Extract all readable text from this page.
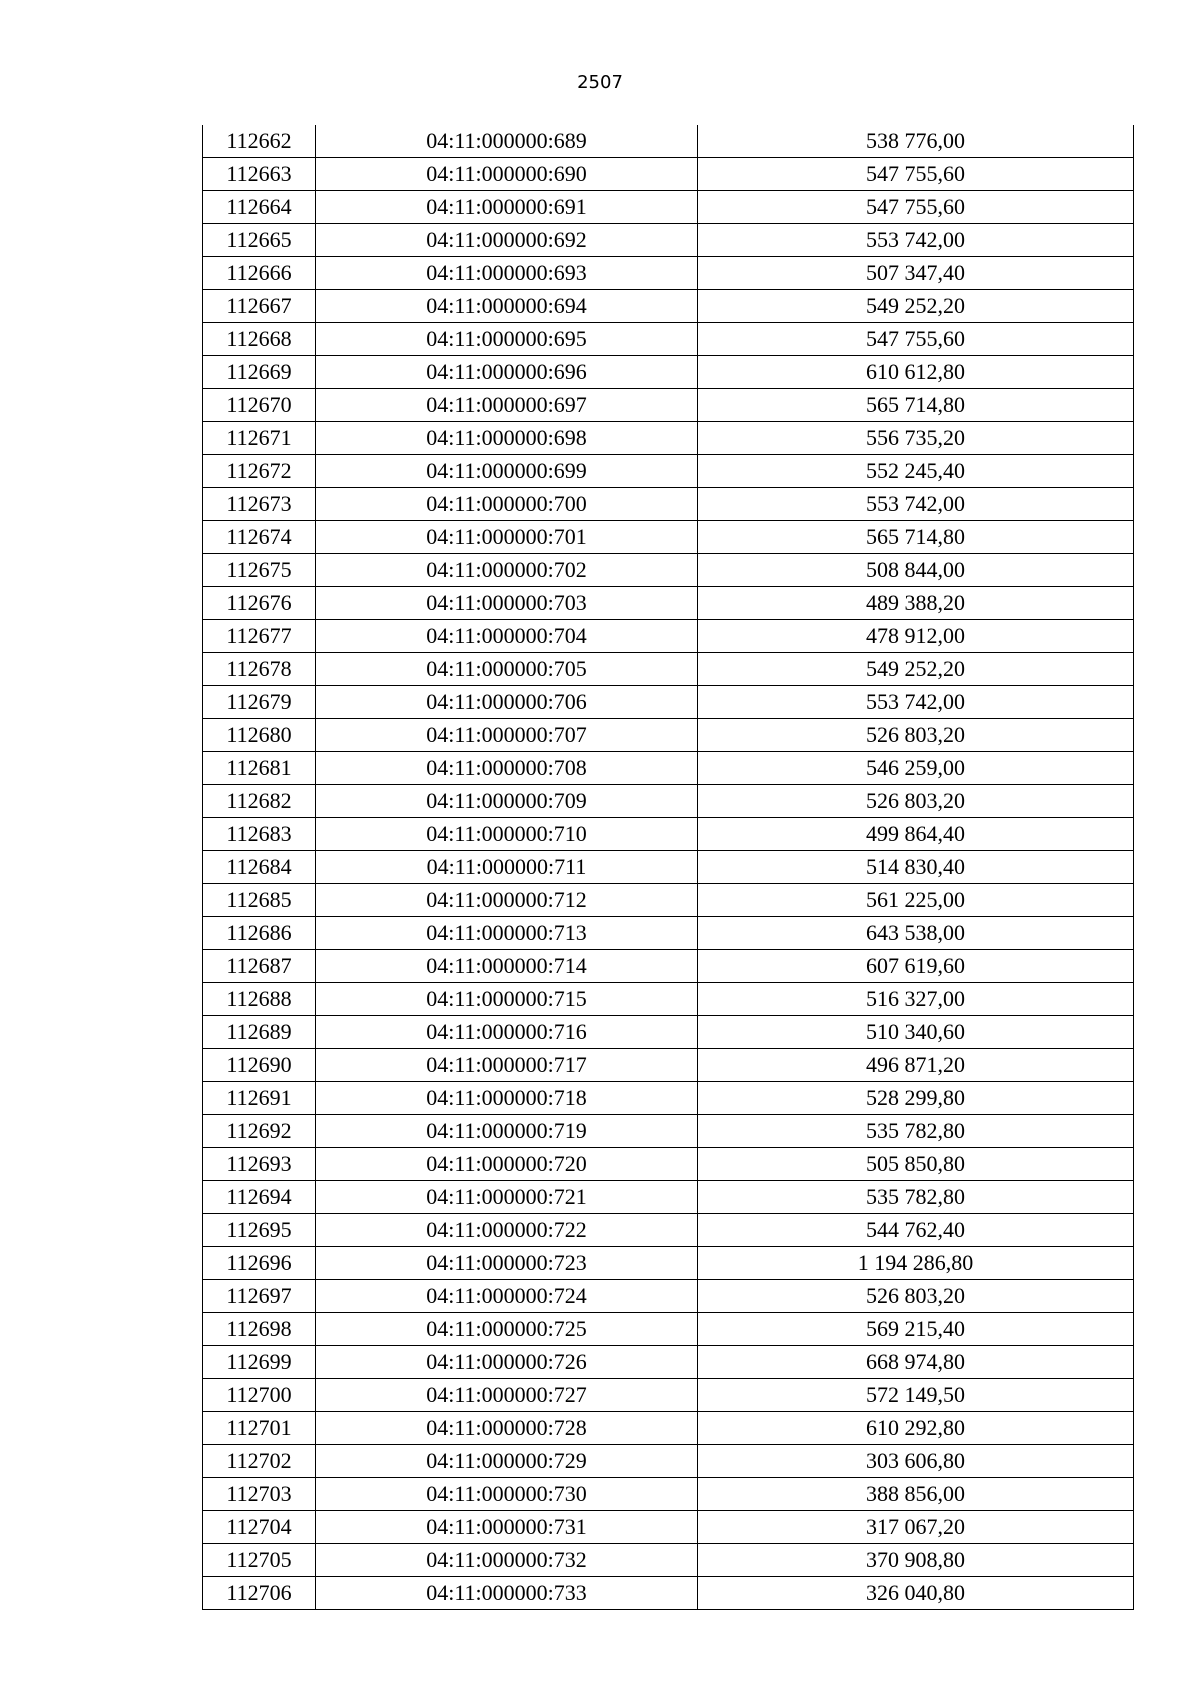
2507
112662	04:11:000000:689	538 776,00
112663	04:11:000000:690	547 755,60
112664	04:11:000000:691	547 755,60
112665	04:11:000000:692	553 742,00
112666	04:11:000000:693	507 347,40
112667	04:11:000000:694	549 252,20
112668	04:11:000000:695	547 755,60
112669	04:11:000000:696	610 612,80
112670	04:11:000000:697	565 714,80
112671	04:11:000000:698	556 735,20
112672	04:11:000000:699	552 245,40
112673	04:11:000000:700	553 742,00
112674	04:11:000000:701	565 714,80
112675	04:11:000000:702	508 844,00
112676	04:11:000000:703	489 388,20
112677	04:11:000000:704	478 912,00
112678	04:11:000000:705	549 252,20
112679	04:11:000000:706	553 742,00
112680	04:11:000000:707	526 803,20
112681	04:11:000000:708	546 259,00
112682	04:11:000000:709	526 803,20
112683	04:11:000000:710	499 864,40
112684	04:11:000000:711	514 830,40
112685	04:11:000000:712	561 225,00
112686	04:11:000000:713	643 538,00
112687	04:11:000000:714	607 619,60
112688	04:11:000000:715	516 327,00
112689	04:11:000000:716	510 340,60
112690	04:11:000000:717	496 871,20
112691	04:11:000000:718	528 299,80
112692	04:11:000000:719	535 782,80
112693	04:11:000000:720	505 850,80
112694	04:11:000000:721	535 782,80
112695	04:11:000000:722	544 762,40
112696	04:11:000000:723	1 194 286,80
112697	04:11:000000:724	526 803,20
112698	04:11:000000:725	569 215,40
112699	04:11:000000:726	668 974,80
112700	04:11:000000:727	572 149,50
112701	04:11:000000:728	610 292,80
112702	04:11:000000:729	303 606,80
112703	04:11:000000:730	388 856,00
112704	04:11:000000:731	317 067,20
112705	04:11:000000:732	370 908,80
112706	04:11:000000:733	326 040,80
